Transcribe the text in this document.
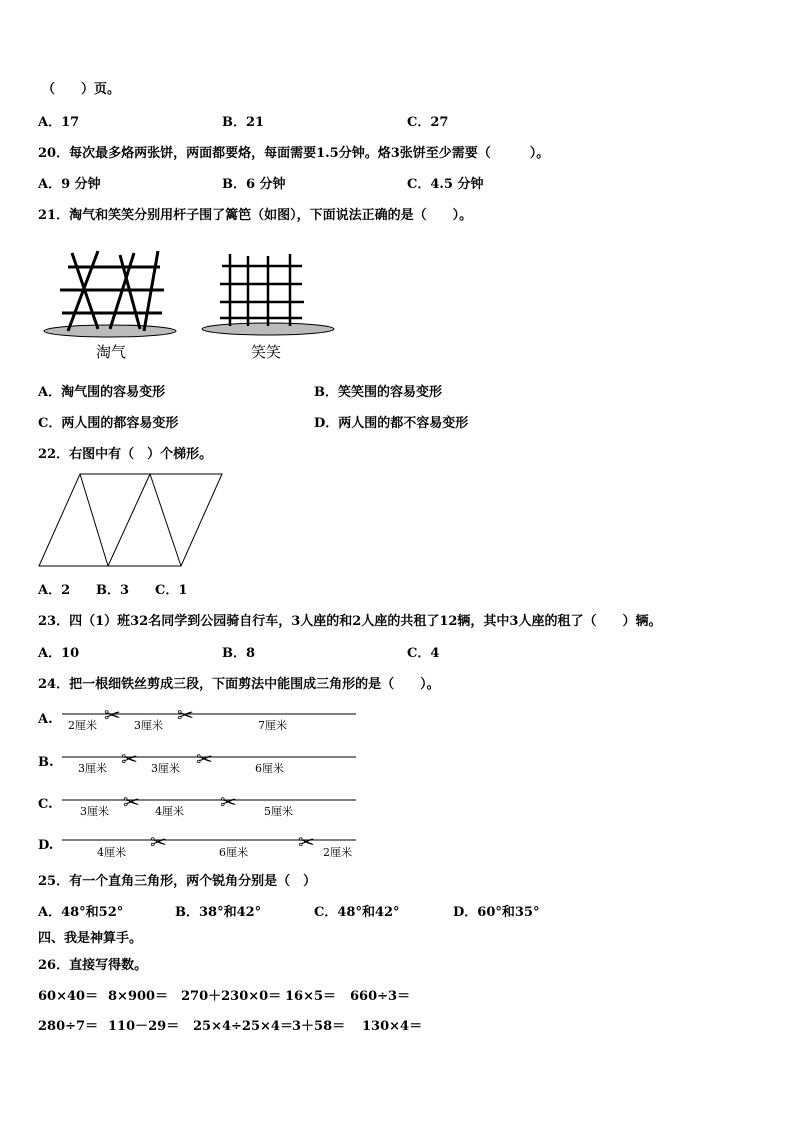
（　　）页。
A．17	B．21	C．27
20．每次最多烙两张饼，两面都要烙，每面需要1.5分钟。烙3张饼至少需要（　　　）。
A．9 分钟	B．6 分钟	C．4.5 分钟
21．淘气和笑笑分别用杆子围了篱笆（如图），下面说法正确的是（　　）。
淘气	笑笑
A．淘气围的容易变形	B．笑笑围的容易变形
C．两人围的都容易变形	D．两人围的都不容易变形
22．右图中有（　）个梯形。
A．2 B．3 C．1
23．四（1）班32名同学到公园骑自行车，3人座的和2人座的共租了12辆，其中3人座的租了（　　）辆。
A．10	B．8	C．4
24．把一根细铁丝剪成三段，下面剪法中能围成三角形的是（　　）。
A. 2厘米	3厘米	7厘米
✂	✂
B. 3厘米	3厘米	6厘米
✂	✂
C. 3厘米	4厘米	5厘米
✂	✂
D.	4厘米	6厘米	2厘米
✂	✂
25．有一个直角三角形，两个锐角分别是（　）
A．48°和52°	B．38°和42°	C．48°和42°	D．60°和35°
四、我是神算手。
26．直接写得数。
60×40＝ 8×900＝ 270＋230×0＝ 16×5＝ 660÷3＝
280÷7＝ 110－29＝ 25×4÷25×4＝ 3＋58＝ 130×4＝
